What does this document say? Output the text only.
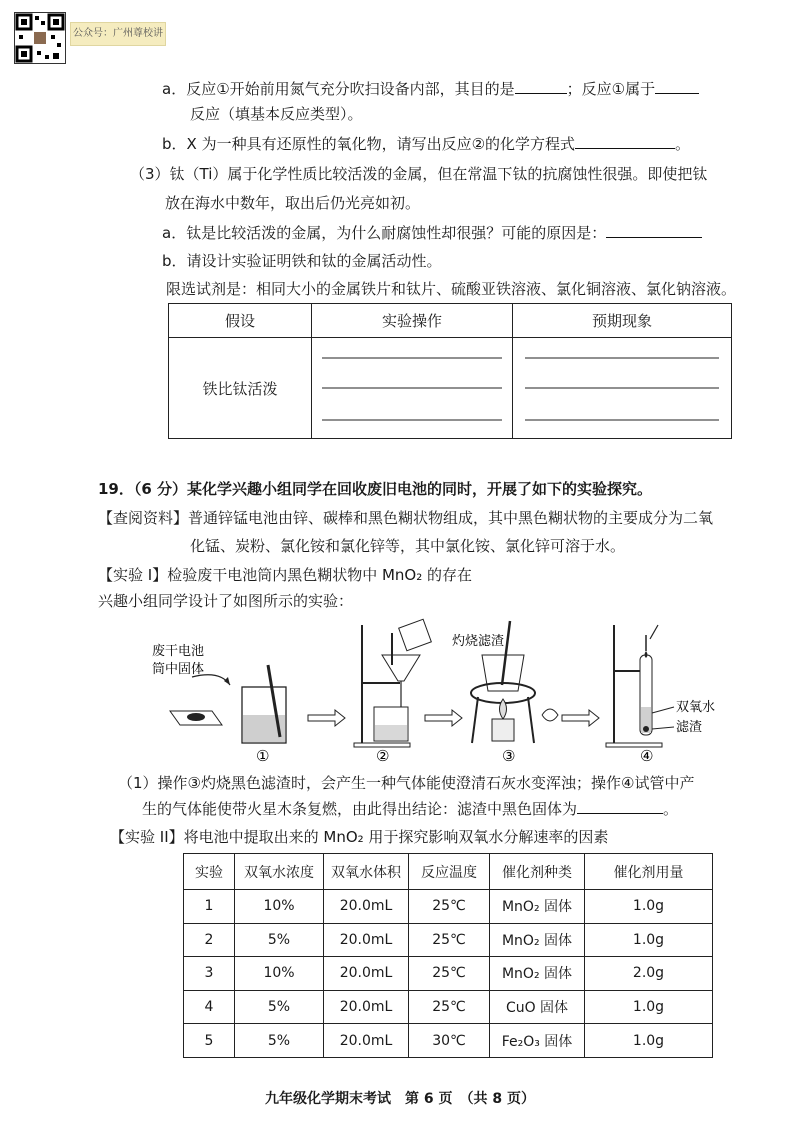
公众号：广州尊校讲
a．反应①开始前用氮气充分吹扫设备内部，其目的是	；反应①属于
反应（填基本反应类型）。
b．X 为一种具有还原性的氧化物，请写出反应②的化学方程式	。
（3）钛（Ti）属于化学性质比较活泼的金属，但在常温下钛的抗腐蚀性很强。即使把钛
放在海水中数年，取出后仍光亮如初。
a．钛是比较活泼的金属，为什么耐腐蚀性却很强？可能的原因是：
b．请设计实验证明铁和钛的金属活动性。
限选试剂是：相同大小的金属铁片和钛片、硫酸亚铁溶液、氯化铜溶液、氯化钠溶液。
假设	实验操作	预期现象
铁比钛活泼		
19．（6 分）某化学兴趣小组同学在回收废旧电池的同时，开展了如下的实验探究。
【查阅资料】普通锌锰电池由锌、碳棒和黑色糊状物组成，其中黑色糊状物的主要成分为二氧
化锰、炭粉、氯化铵和氯化锌等，其中氯化铵、氯化锌可溶于水。
【实验 I】检验废干电池筒内黑色糊状物中 MnO₂ 的存在
兴趣小组同学设计了如图所示的实验：
废干电池
筒中固体
灼烧滤渣
双氧水
滤渣
①	②	③	④
（1）操作③灼烧黑色滤渣时，会产生一种气体能使澄清石灰水变浑浊；操作④试管中产
生的气体能使带火星木条复燃，由此得出结论：滤渣中黑色固体为	。
【实验 II】将电池中提取出来的 MnO₂ 用于探究影响双氧水分解速率的因素
实验	双氧水浓度	双氧水体积	反应温度	催化剂种类	催化剂用量
1	10%	20.0mL	25℃	MnO₂ 固体	1.0g
2	5%	20.0mL	25℃	MnO₂ 固体	1.0g
3	10%	20.0mL	25℃	MnO₂ 固体	2.0g
4	5%	20.0mL	25℃	CuO 固体	1.0g
5	5%	20.0mL	30℃	Fe₂O₃ 固体	1.0g
九年级化学期末考试　第 6 页　（共 8 页）
